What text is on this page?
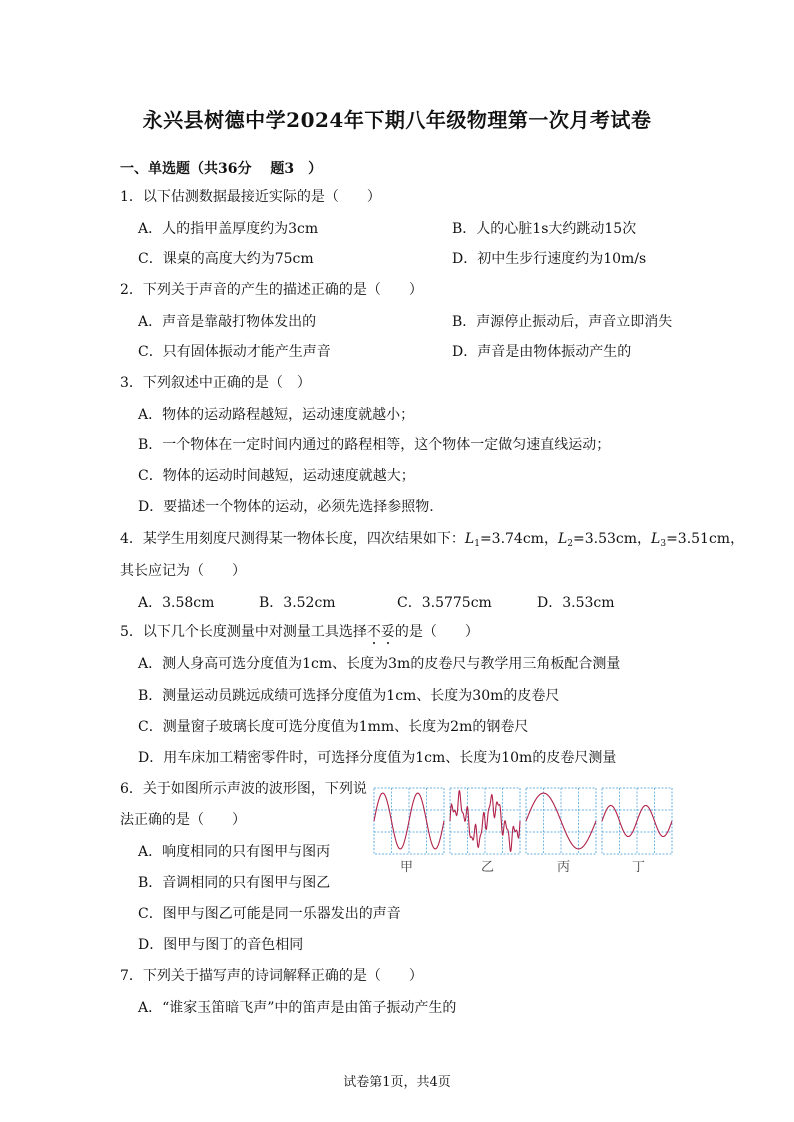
永兴县树德中学2024年下期八年级物理第一次月考试卷
一、单选题（共36分　 题3　）
1．以下估测数据最接近实际的是（　　）
A．人的指甲盖厚度约为3cm	B．人的心脏1s大约跳动15次
C．课桌的高度大约为75cm	D．初中生步行速度约为10m/s
2．下列关于声音的产生的描述正确的是（　　）
A．声音是靠敲打物体发出的	B．声源停止振动后，声音立即消失
C．只有固体振动才能产生声音	D．声音是由物体振动产生的
3．下列叙述中正确的是（　）
A．物体的运动路程越短，运动速度就越小；
B．一个物体在一定时间内通过的路程相等，这个物体一定做匀速直线运动；
C．物体的运动时间越短，运动速度就越大；
D．要描述一个物体的运动，必须先选择参照物.
4．某学生用刻度尺测得某一物体长度，四次结果如下：$L_1=3.74cm$，$L_2=3.53cm$，$L_3=3.51cm$，
其长应记为（　　）
A．3.58cm	B．3.52cm	C．3.5775cm	D．3.53cm
5．以下几个长度测量中对测量工具选择不妥的是（　　）
A．测人身高可选分度值为1cm、长度为3m的皮卷尺与教学用三角板配合测量
B．测量运动员跳远成绩可选择分度值为1cm、长度为30m的皮卷尺
C．测量窗子玻璃长度可选分度值为1mm、长度为2m的钢卷尺
D．用车床加工精密零件时，可选择分度值为1cm、长度为10m的皮卷尺测量
6．关于如图所示声波的波形图，下列说
法正确的是（　　）
A．响度相同的只有图甲与图丙
B．音调相同的只有图甲与图乙
C．图甲与图乙可能是同一乐器发出的声音
D．图甲与图丁的音色相同
甲	乙	丙	丁
7．下列关于描写声的诗词解释正确的是（　　）
A．“谁家玉笛暗飞声”中的笛声是由笛子振动产生的
试卷第1页，共4页
